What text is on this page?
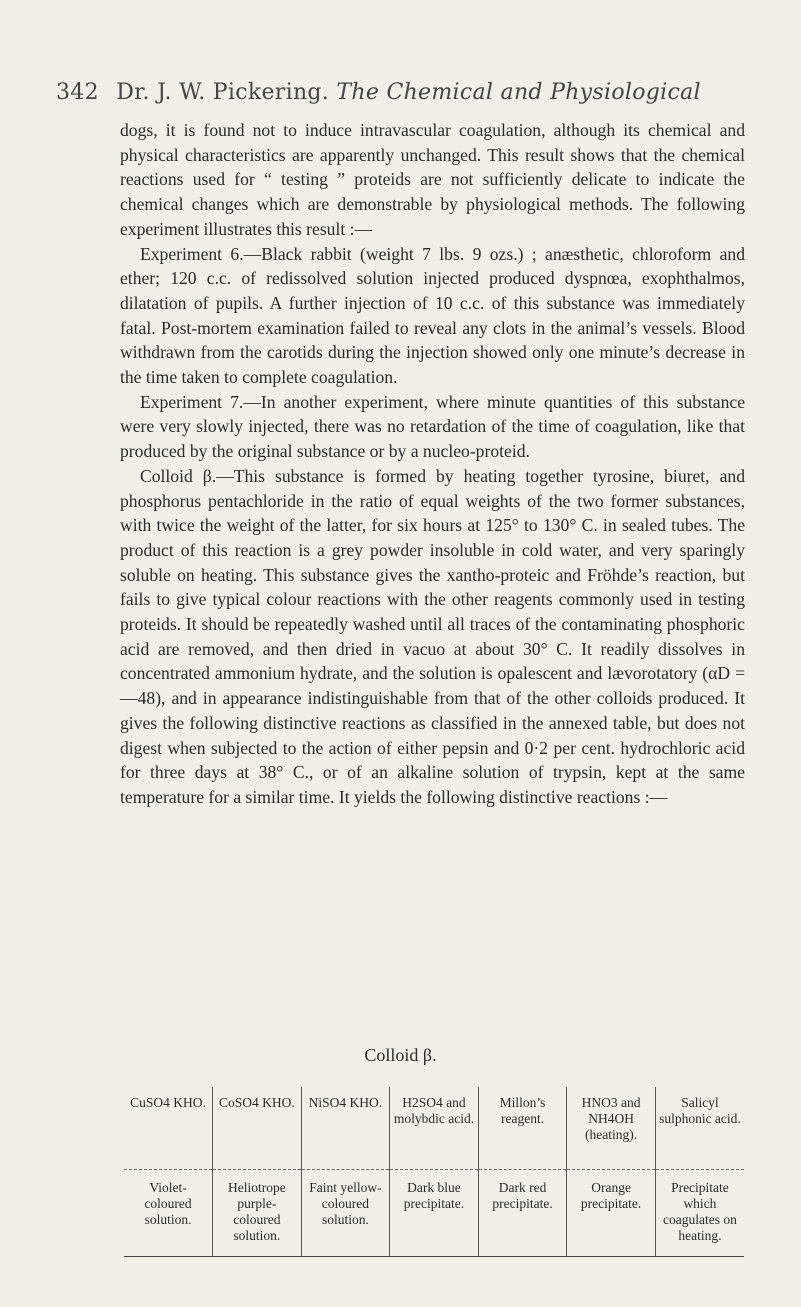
342 Dr. J. W. Pickering. The Chemical and Physiological

dogs, it is found not to induce intravascular coagulation, although its chemical and physical characteristics are apparently unchanged. This result shows that the chemical reactions used for “ testing ” proteids are not sufficiently delicate to indicate the chemical changes which are demonstrable by physiological methods. The following experiment illustrates this result :—

Experiment 6.—Black rabbit (weight 7 lbs. 9 ozs.) ; anæsthetic, chloroform and ether; 120 c.c. of redissolved solution injected produced dyspnœa, exophthalmos, dilatation of pupils. A further injection of 10 c.c. of this substance was immediately fatal. Post-mortem examination failed to reveal any clots in the animal’s vessels. Blood withdrawn from the carotids during the injection showed only one minute’s decrease in the time taken to complete coagulation.

Experiment 7.—In another experiment, where minute quantities of this substance were very slowly injected, there was no retardation of the time of coagulation, like that produced by the original substance or by a nucleo-proteid.

Colloid β.—This substance is formed by heating together tyrosine, biuret, and phosphorus pentachloride in the ratio of equal weights of the two former substances, with twice the weight of the latter, for six hours at 125° to 130° C. in sealed tubes. The product of this reaction is a grey powder insoluble in cold water, and very sparingly soluble on heating. This substance gives the xantho-proteic and Fröhde’s reaction, but fails to give typical colour reactions with the other reagents commonly used in testing proteids. It should be repeatedly washed until all traces of the contaminating phosphoric acid are removed, and then dried in vacuo at about 30° C. It readily dissolves in concentrated ammonium hydrate, and the solution is opalescent and lævorotatory (αD = —48), and in appearance indistinguishable from that of the other colloids produced. It gives the following distinctive reactions as classified in the annexed table, but does not digest when subjected to the action of either pepsin and 0·2 per cent. hydrochloric acid for three days at 38° C., or of an alkaline solution of trypsin, kept at the same temperature for a similar time. It yields the following distinctive reactions :—

Colloid β.
CuSO4 KHO.	CoSO4 KHO.	NiSO4 KHO.	H2SO4 and molybdic acid.	Millon’s reagent.	HNO3 and NH4OH (heating).	Salicyl sulphonic acid.
Violet-coloured solution.	Heliotrope purple-coloured solution.	Faint yellow-coloured solution.	Dark blue precipitate.	Dark red precipitate.	Orange precipitate.	Precipitate which coagulates on heating.
